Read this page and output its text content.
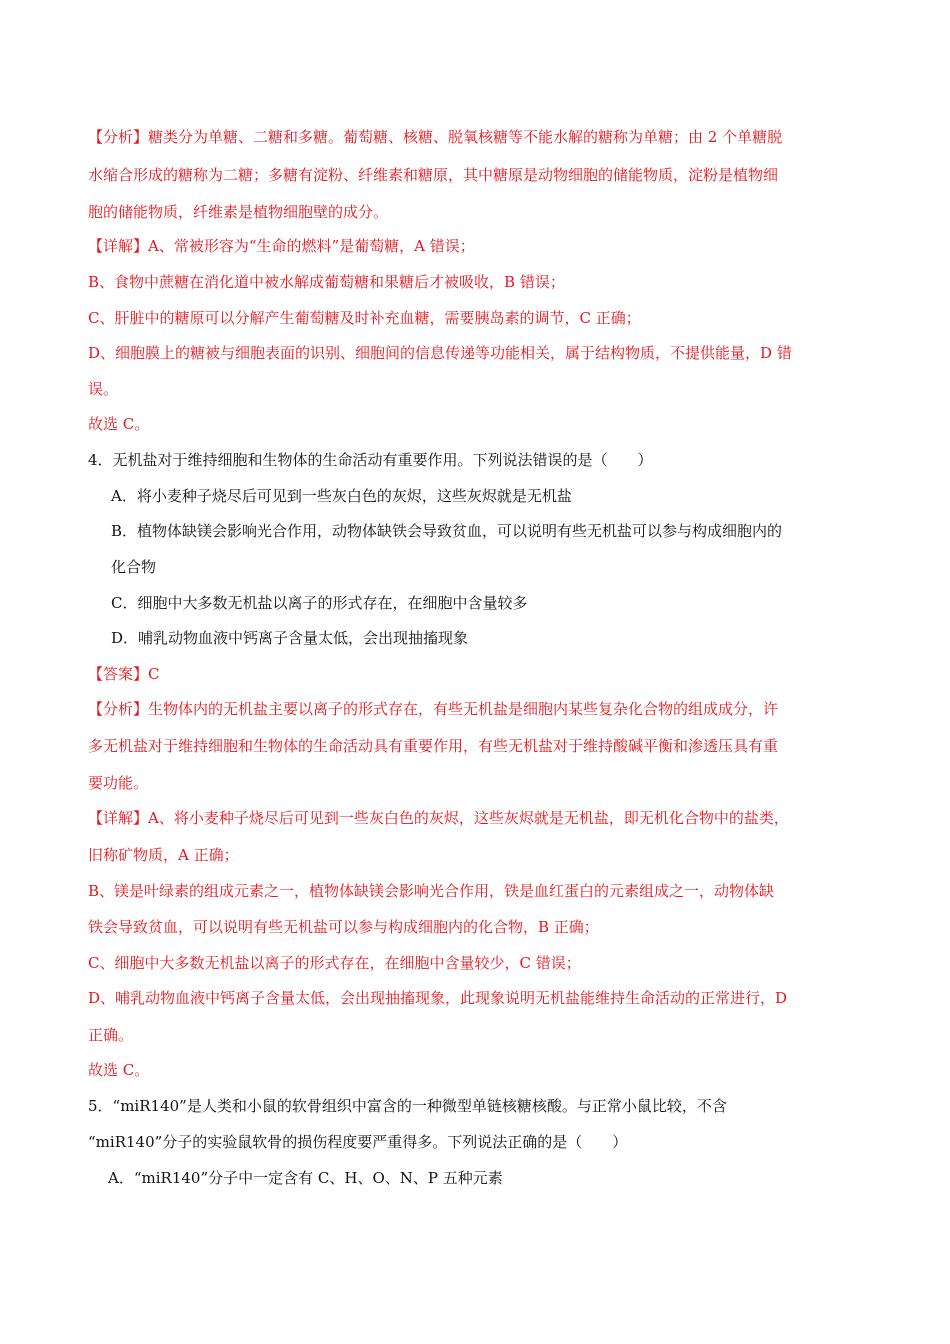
【分析】糖类分为单糖、二糖和多糖。葡萄糖、核糖、脱氧核糖等不能水解的糖称为单糖；由 2 个单糖脱
水缩合形成的糖称为二糖；多糖有淀粉、纤维素和糖原，其中糖原是动物细胞的储能物质，淀粉是植物细
胞的储能物质，纤维素是植物细胞壁的成分。
【详解】A、常被形容为“生命的燃料”是葡萄糖，A 错误；
B、食物中蔗糖在消化道中被水解成葡萄糖和果糖后才被吸收，B 错误；
C、肝脏中的糖原可以分解产生葡萄糖及时补充血糖，需要胰岛素的调节，C 正确；
D、细胞膜上的糖被与细胞表面的识别、细胞间的信息传递等功能相关，属于结构物质，不提供能量，D 错
误。
故选 C。
4．无机盐对于维持细胞和生物体的生命活动有重要作用。下列说法错误的是（　　）
A．将小麦种子烧尽后可见到一些灰白色的灰烬，这些灰烬就是无机盐
B．植物体缺镁会影响光合作用，动物体缺铁会导致贫血，可以说明有些无机盐可以参与构成细胞内的
化合物
C．细胞中大多数无机盐以离子的形式存在，在细胞中含量较多
D．哺乳动物血液中钙离子含量太低，会出现抽搐现象
【答案】C
【分析】生物体内的无机盐主要以离子的形式存在，有些无机盐是细胞内某些复杂化合物的组成成分，许
多无机盐对于维持细胞和生物体的生命活动具有重要作用，有些无机盐对于维持酸碱平衡和渗透压具有重
要功能。
【详解】A、将小麦种子烧尽后可见到一些灰白色的灰烬，这些灰烬就是无机盐，即无机化合物中的盐类，
旧称矿物质，A 正确；
B、镁是叶绿素的组成元素之一，植物体缺镁会影响光合作用，铁是血红蛋白的元素组成之一，动物体缺
铁会导致贫血，可以说明有些无机盐可以参与构成细胞内的化合物，B 正确；
C、细胞中大多数无机盐以离子的形式存在，在细胞中含量较少，C 错误；
D、哺乳动物血液中钙离子含量太低，会出现抽搐现象，此现象说明无机盐能维持生命活动的正常进行，D
正确。
故选 C。
5．“miR140”是人类和小鼠的软骨组织中富含的一种微型单链核糖核酸。与正常小鼠比较，不含
“miR140”分子的实验鼠软骨的损伤程度要严重得多。下列说法正确的是（　　）
A．“miR140”分子中一定含有 C、H、O、N、P 五种元素
